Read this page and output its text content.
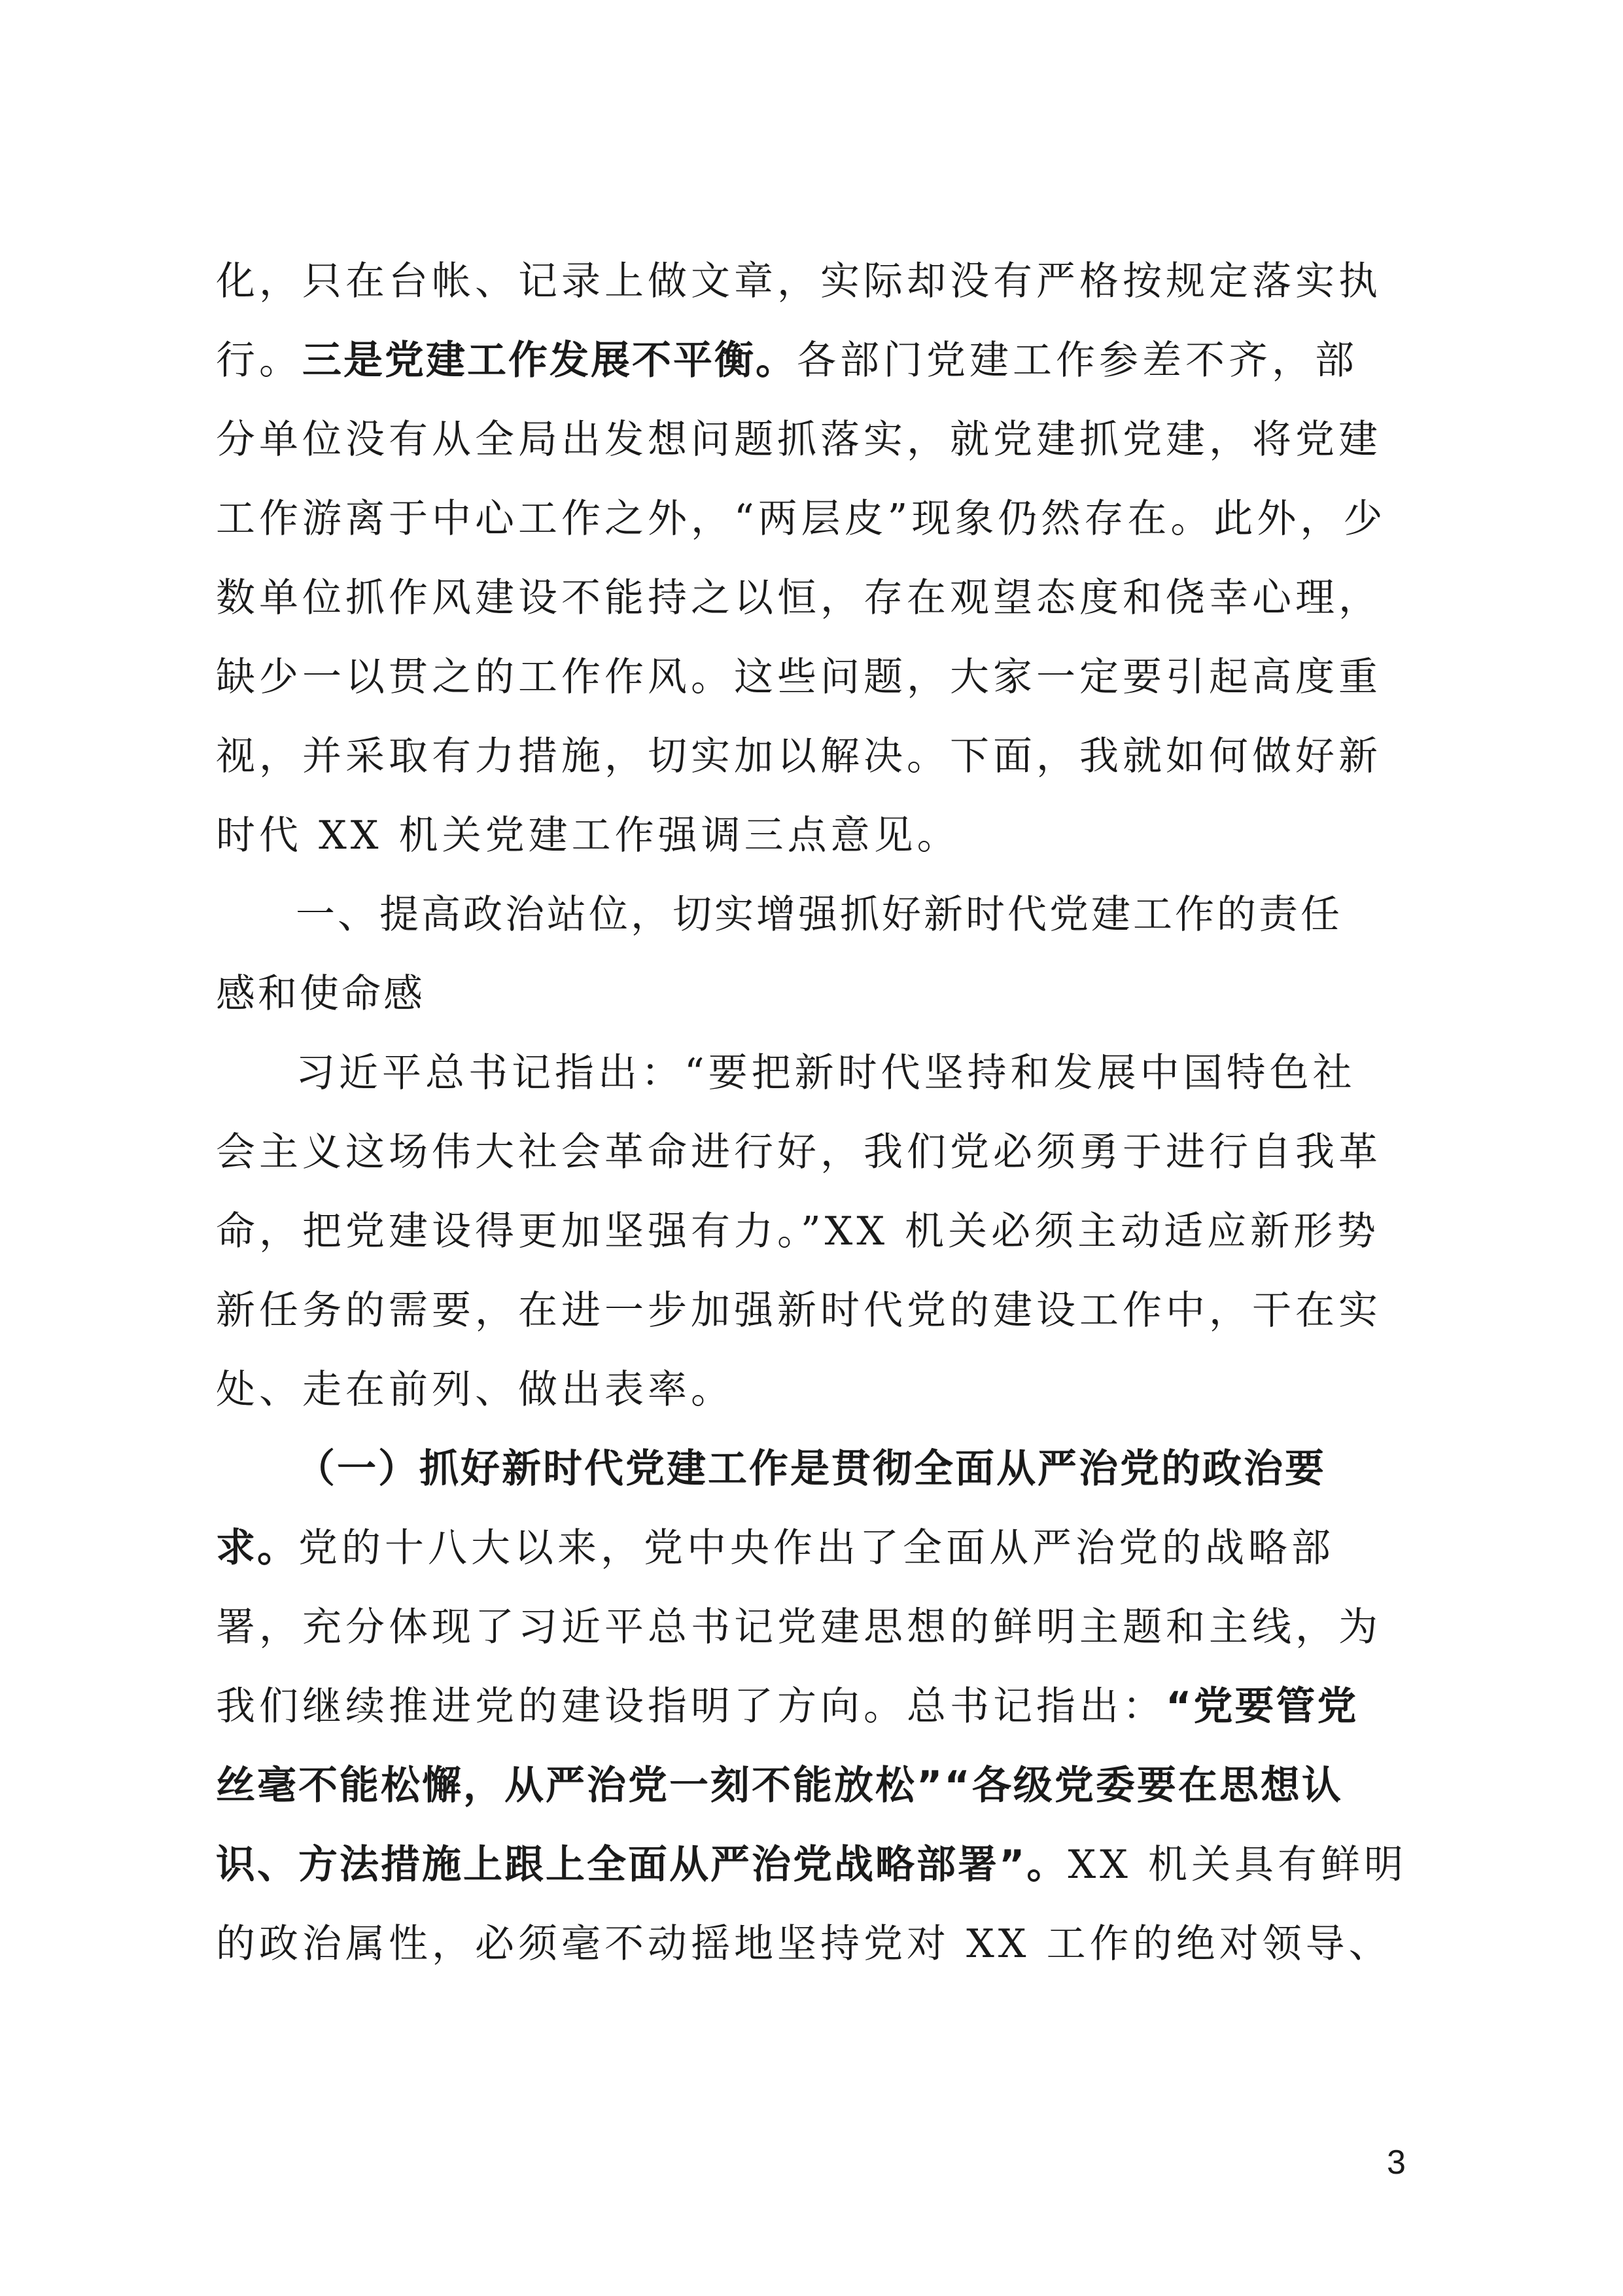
化，只在台帐、记录上做文章，实际却没有严格按规定落实执
行。三是党建工作发展不平衡。各部门党建工作参差不齐，部
分单位没有从全局出发想问题抓落实，就党建抓党建，将党建
工作游离于中心工作之外，“两层皮”现象仍然存在。此外，少
数单位抓作风建设不能持之以恒，存在观望态度和侥幸心理，
缺少一以贯之的工作作风。这些问题，大家一定要引起高度重
视，并采取有力措施，切实加以解决。下面，我就如何做好新
时代 XX 机关党建工作强调三点意见。
一、提高政治站位，切实增强抓好新时代党建工作的责任
感和使命感
习近平总书记指出：“要把新时代坚持和发展中国特色社
会主义这场伟大社会革命进行好，我们党必须勇于进行自我革
命，把党建设得更加坚强有力。”XX 机关必须主动适应新形势
新任务的需要，在进一步加强新时代党的建设工作中，干在实
处、走在前列、做出表率。
（一）抓好新时代党建工作是贯彻全面从严治党的政治要
求。党的十八大以来，党中央作出了全面从严治党的战略部
署，充分体现了习近平总书记党建思想的鲜明主题和主线，为
我们继续推进党的建设指明了方向。总书记指出：“党要管党
丝毫不能松懈，从严治党一刻不能放松”“各级党委要在思想认
识、方法措施上跟上全面从严治党战略部署”。XX 机关具有鲜明
的政治属性，必须毫不动摇地坚持党对 XX 工作的绝对领导、
3
